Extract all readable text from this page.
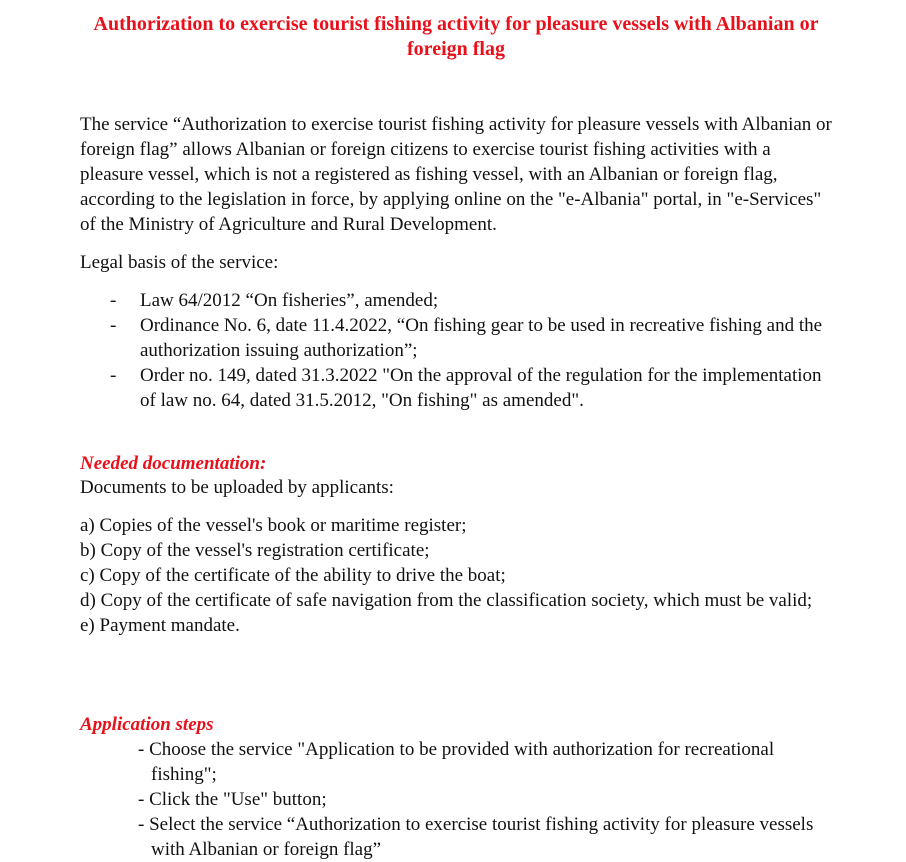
Authorization to exercise tourist fishing activity for pleasure vessels with Albanian or foreign flag
The service “Authorization to exercise tourist fishing activity for pleasure vessels with Albanian or foreign flag” allows Albanian or foreign citizens to exercise tourist fishing activities with a pleasure vessel, which is not a registered as fishing vessel, with an Albanian or foreign flag, according to the legislation in force, by applying online on the "e-Albania" portal, in "e-Services" of the Ministry of Agriculture and Rural Development.
Legal basis of the service:
- Law 64/2012 “On fisheries”, amended;
- Ordinance No. 6, date 11.4.2022, “On fishing gear to be used in recreative fishing and the authorization issuing authorization”;
- Order no. 149, dated 31.3.2022 "On the approval of the regulation for the implementation of law no. 64, dated 31.5.2012, "On fishing" as amended".
Needed documentation:
Documents to be uploaded by applicants:
a) Copies of the vessel's book or maritime register;
b) Copy of the vessel's registration certificate;
c) Copy of the certificate of the ability to drive the boat;
d) Copy of the certificate of safe navigation from the classification society, which must be valid;
e) Payment mandate.
Application steps
- Choose the service "Application to be provided with authorization for recreational fishing";
- Click the "Use" button;
- Select the service “Authorization to exercise tourist fishing activity for pleasure vessels with Albanian or foreign flag”
